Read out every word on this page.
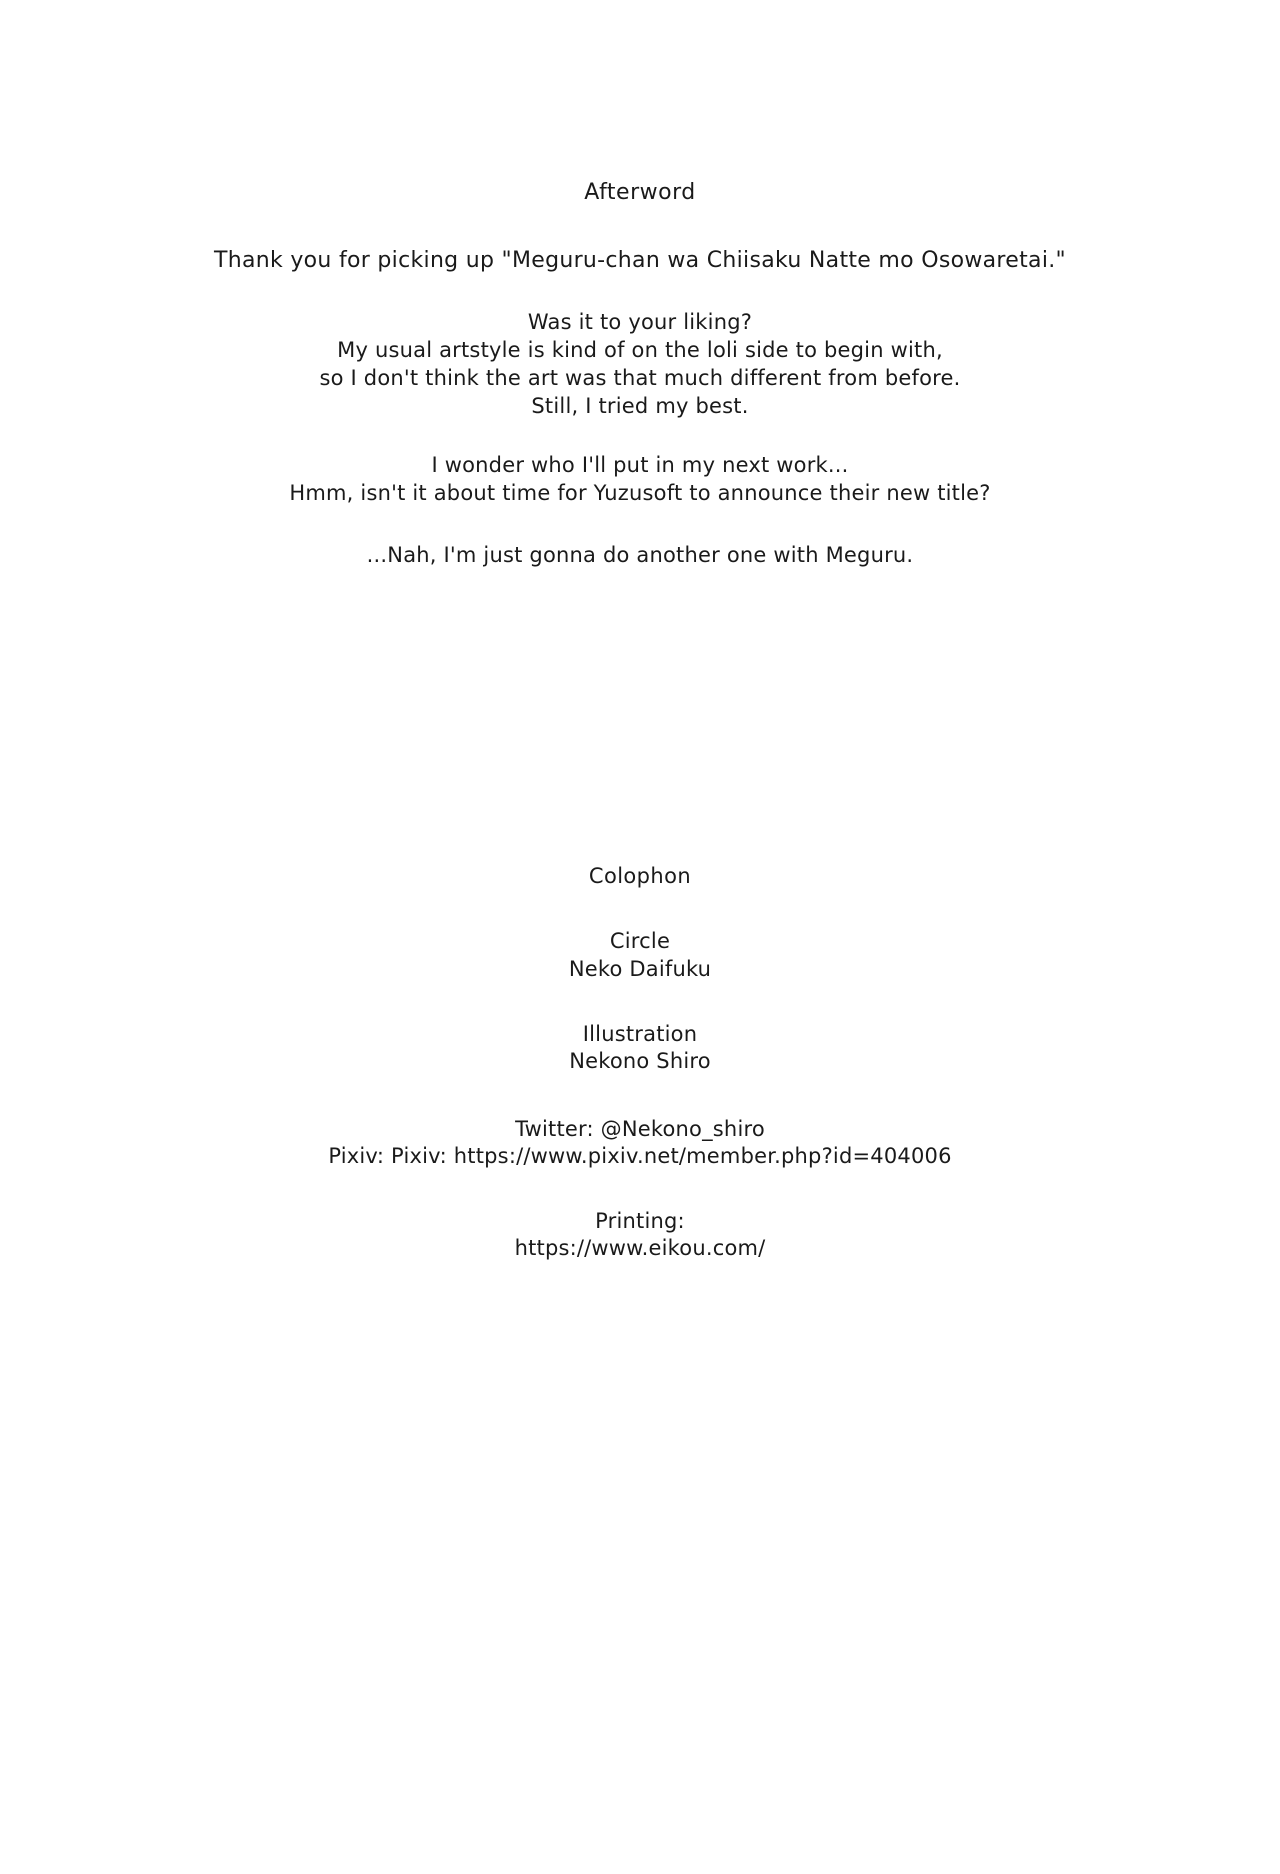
Afterword
Thank you for picking up "Meguru-chan wa Chiisaku Natte mo Osowaretai."
Was it to your liking?
My usual artstyle is kind of on the loli side to begin with,
so I don't think the art was that much different from before.
Still, I tried my best.
I wonder who I'll put in my next work...
Hmm, isn't it about time for Yuzusoft to announce their new title?
...Nah, I'm just gonna do another one with Meguru.
Colophon
Circle
Neko Daifuku
Illustration
Nekono Shiro
Twitter: @Nekono_shiro
Pixiv: Pixiv: https://www.pixiv.net/member.php?id=404006
Printing:
https://www.eikou.com/
